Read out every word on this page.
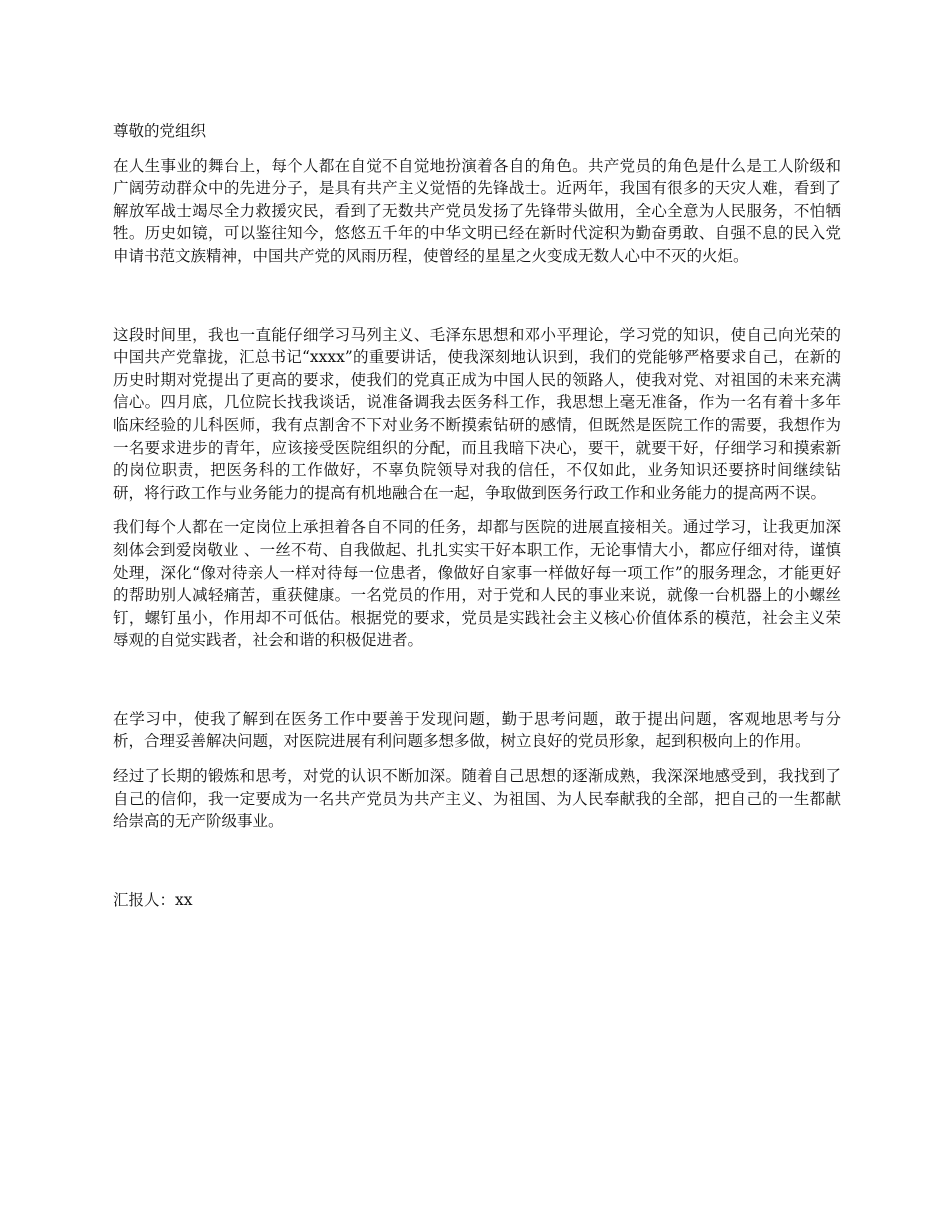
尊敬的党组织

在人生事业的舞台上，每个人都在自觉不自觉地扮演着各自的角色。共产党员的角色是什么是工人阶级和广阔劳动群众中的先进分子，是具有共产主义觉悟的先锋战士。近两年，我国有很多的天灾人难，看到了解放军战士竭尽全力救援灾民，看到了无数共产党员发扬了先锋带头做用，全心全意为人民服务，不怕牺牲。历史如镜，可以鉴往知今，悠悠五千年的中华文明已经在新时代淀积为勤奋勇敢、自强不息的民入党申请书范文族精神，中国共产党的风雨历程，使曾经的星星之火变成无数人心中不灭的火炬。

这段时间里，我也一直能仔细学习马列主义、毛泽东思想和邓小平理论，学习党的知识，使自己向光荣的中国共产党靠拢，汇总书记“xxxx”的重要讲话，使我深刻地认识到，我们的党能够严格要求自己，在新的历史时期对党提出了更高的要求，使我们的党真正成为中国人民的领路人，使我对党、对祖国的未来充满信心。四月底，几位院长找我谈话，说准备调我去医务科工作，我思想上毫无准备，作为一名有着十多年临床经验的儿科医师，我有点割舍不下对业务不断摸索钻研的感情，但既然是医院工作的需要，我想作为一名要求进步的青年，应该接受医院组织的分配，而且我暗下决心，要干，就要干好，仔细学习和摸索新的岗位职责，把医务科的工作做好，不辜负院领导对我的信任，不仅如此，业务知识还要挤时间继续钻研，将行政工作与业务能力的提高有机地融合在一起，争取做到医务行政工作和业务能力的提高两不误。

我们每个人都在一定岗位上承担着各自不同的任务，却都与医院的进展直接相关。通过学习，让我更加深刻体会到爱岗敬业 、一丝不苟、自我做起、扎扎实实干好本职工作，无论事情大小，都应仔细对待，谨慎处理，深化“像对待亲人一样对待每一位患者，像做好自家事一样做好每一项工作”的服务理念，才能更好的帮助别人减轻痛苦，重获健康。一名党员的作用，对于党和人民的事业来说，就像一台机器上的小螺丝钉，螺钉虽小，作用却不可低估。根据党的要求，党员是实践社会主义核心价值体系的模范，社会主义荣辱观的自觉实践者，社会和谐的积极促进者。

在学习中，使我了解到在医务工作中要善于发现问题，勤于思考问题，敢于提出问题，客观地思考与分析，合理妥善解决问题，对医院进展有利问题多想多做，树立良好的党员形象，起到积极向上的作用。

经过了长期的锻炼和思考，对党的认识不断加深。随着自己思想的逐渐成熟，我深深地感受到，我找到了自己的信仰，我一定要成为一名共产党员为共产主义、为祖国、为人民奉献我的全部，把自己的一生都献给崇高的无产阶级事业。

汇报人：xx
